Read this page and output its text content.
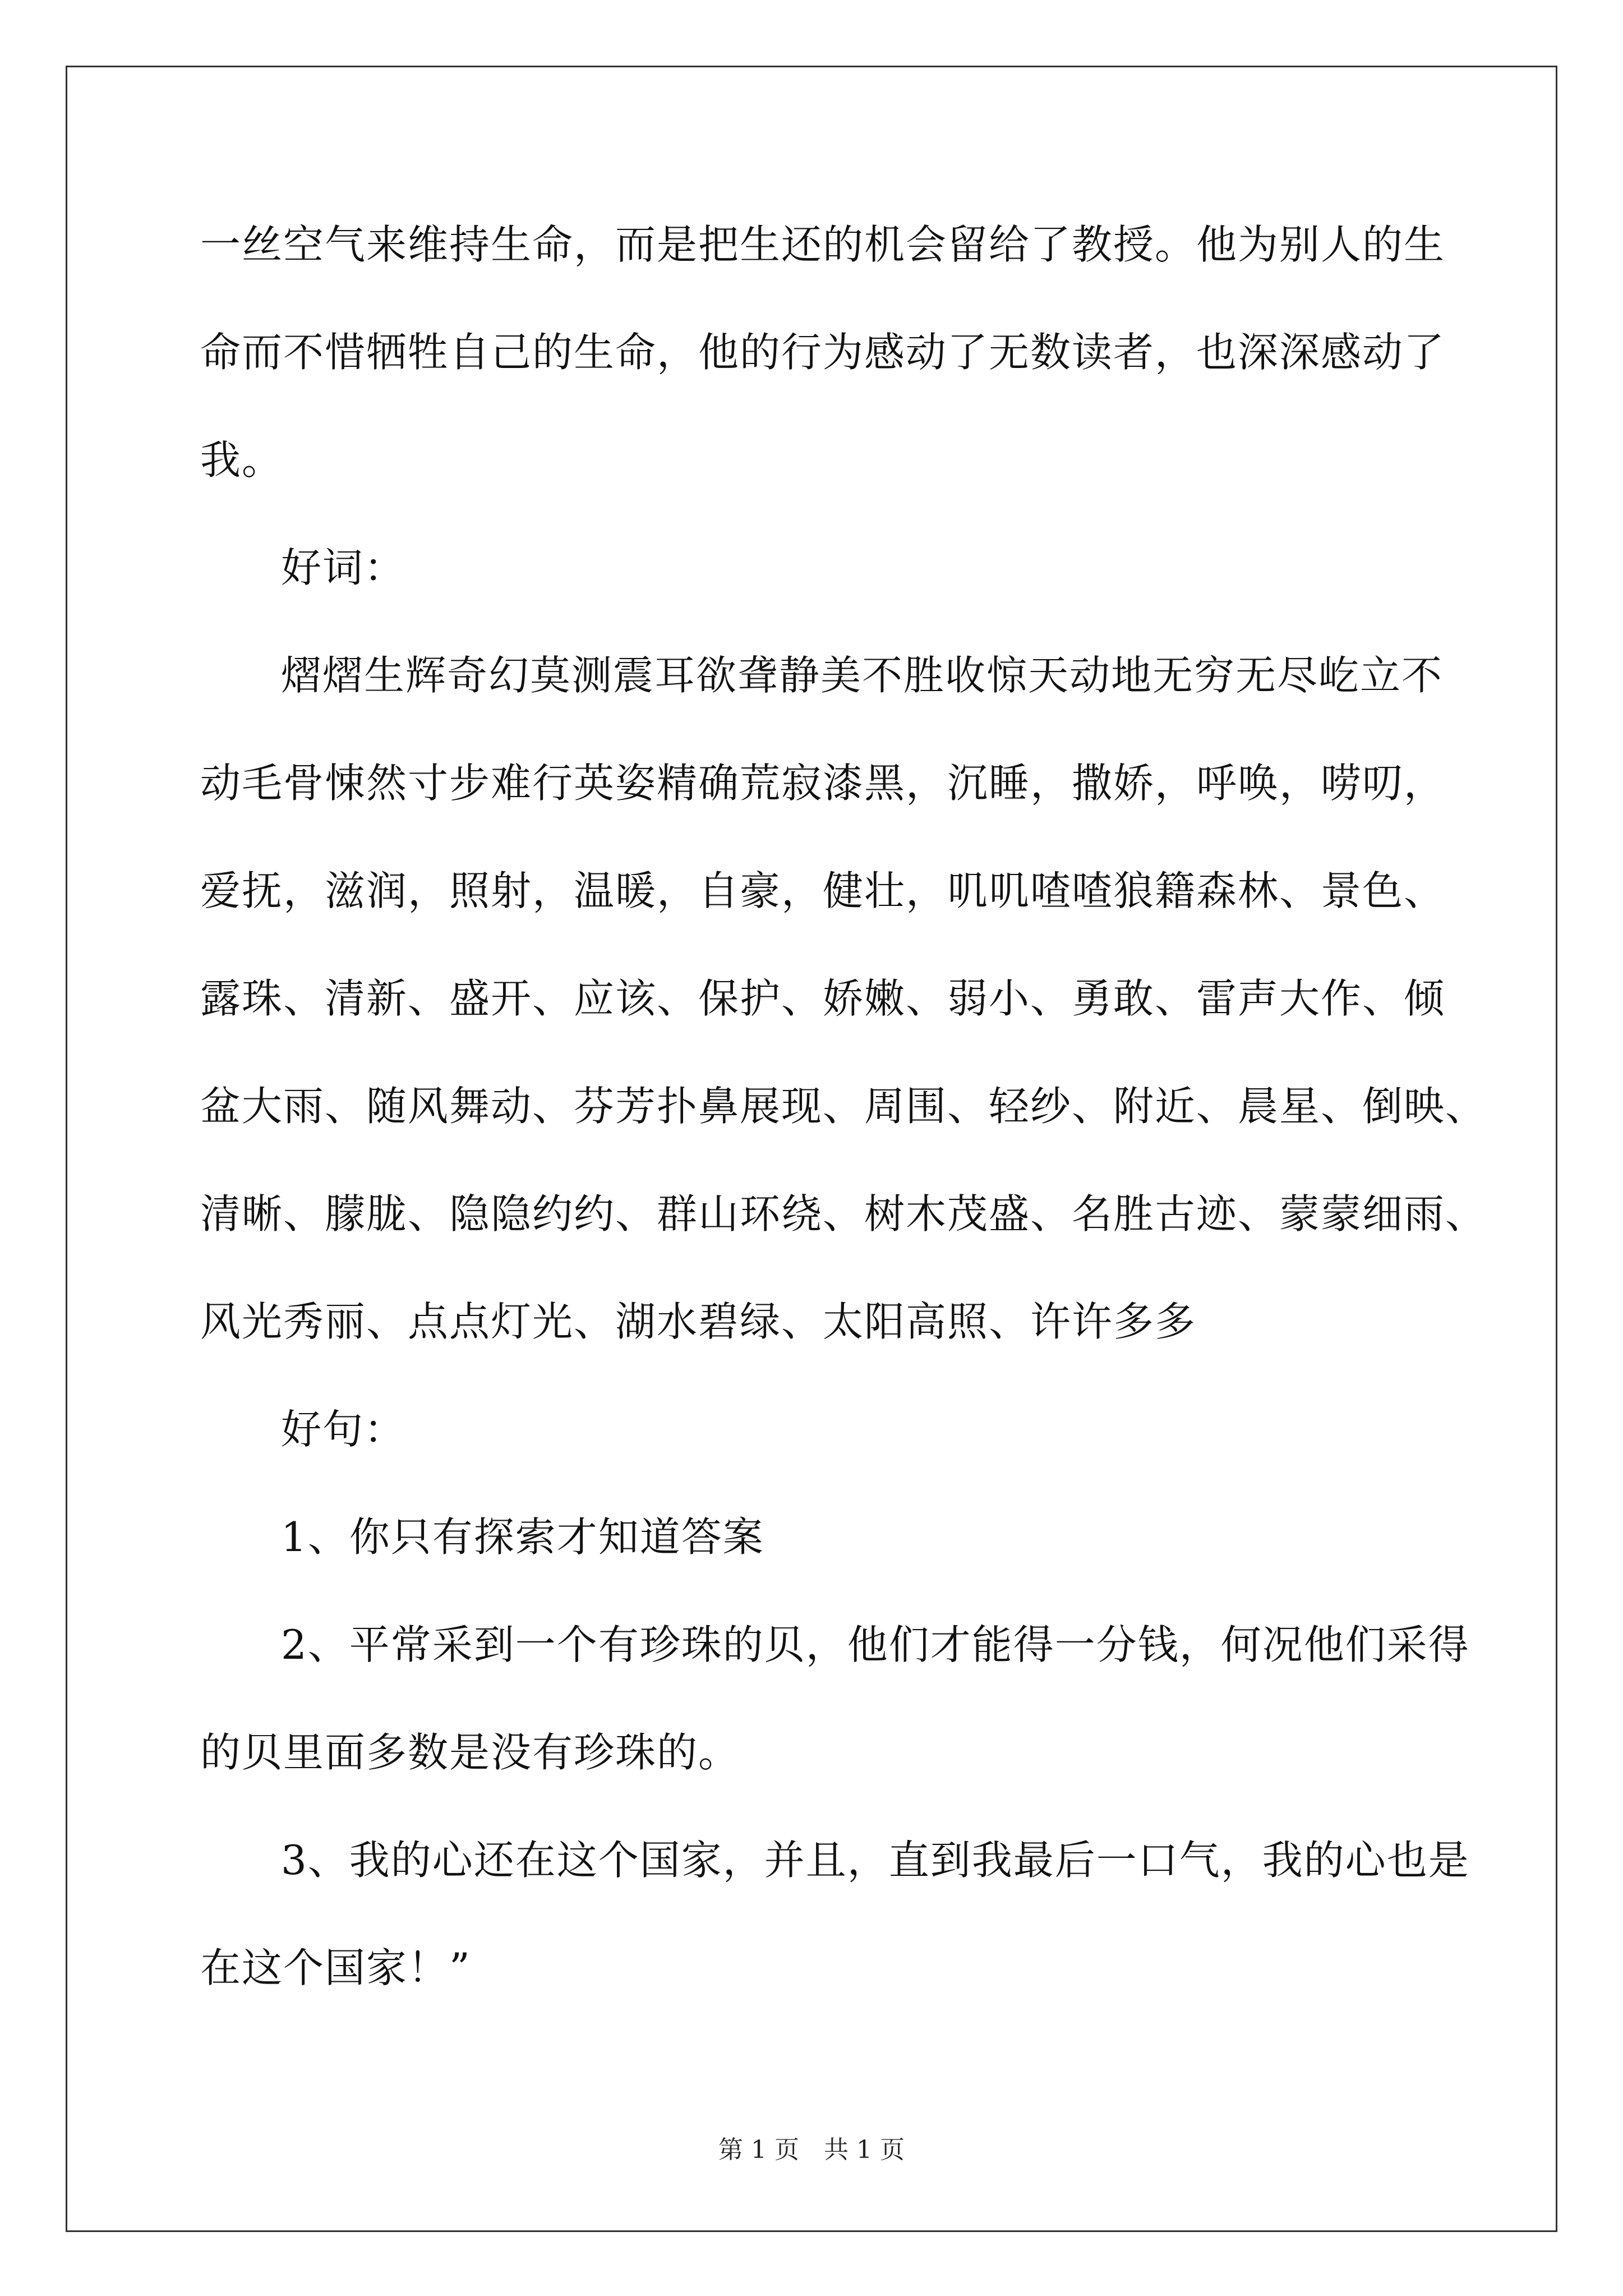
一丝空气来维持生命，而是把生还的机会留给了教授。他为别人的生
命而不惜牺牲自己的生命，他的行为感动了无数读者，也深深感动了
我。
好词：
熠熠生辉奇幻莫测震耳欲聋静美不胜收惊天动地无穷无尽屹立不
动毛骨悚然寸步难行英姿精确荒寂漆黑，沉睡，撒娇，呼唤，唠叨，
爱抚，滋润，照射，温暖，自豪，健壮，叽叽喳喳狼籍森林、景色、
露珠、清新、盛开、应该、保护、娇嫩、弱小、勇敢、雷声大作、倾
盆大雨、随风舞动、芬芳扑鼻展现、周围、轻纱、附近、晨星、倒映、
清晰、朦胧、隐隐约约、群山环绕、树木茂盛、名胜古迹、蒙蒙细雨、
风光秀丽、点点灯光、湖水碧绿、太阳高照、许许多多
好句：
1、你只有探索才知道答案
2、平常采到一个有珍珠的贝，他们才能得一分钱，何况他们采得
的贝里面多数是没有珍珠的。
3、我的心还在这个国家，并且，直到我最后一口气，我的心也是
在这个国家！”
第 1 页　共 1 页
